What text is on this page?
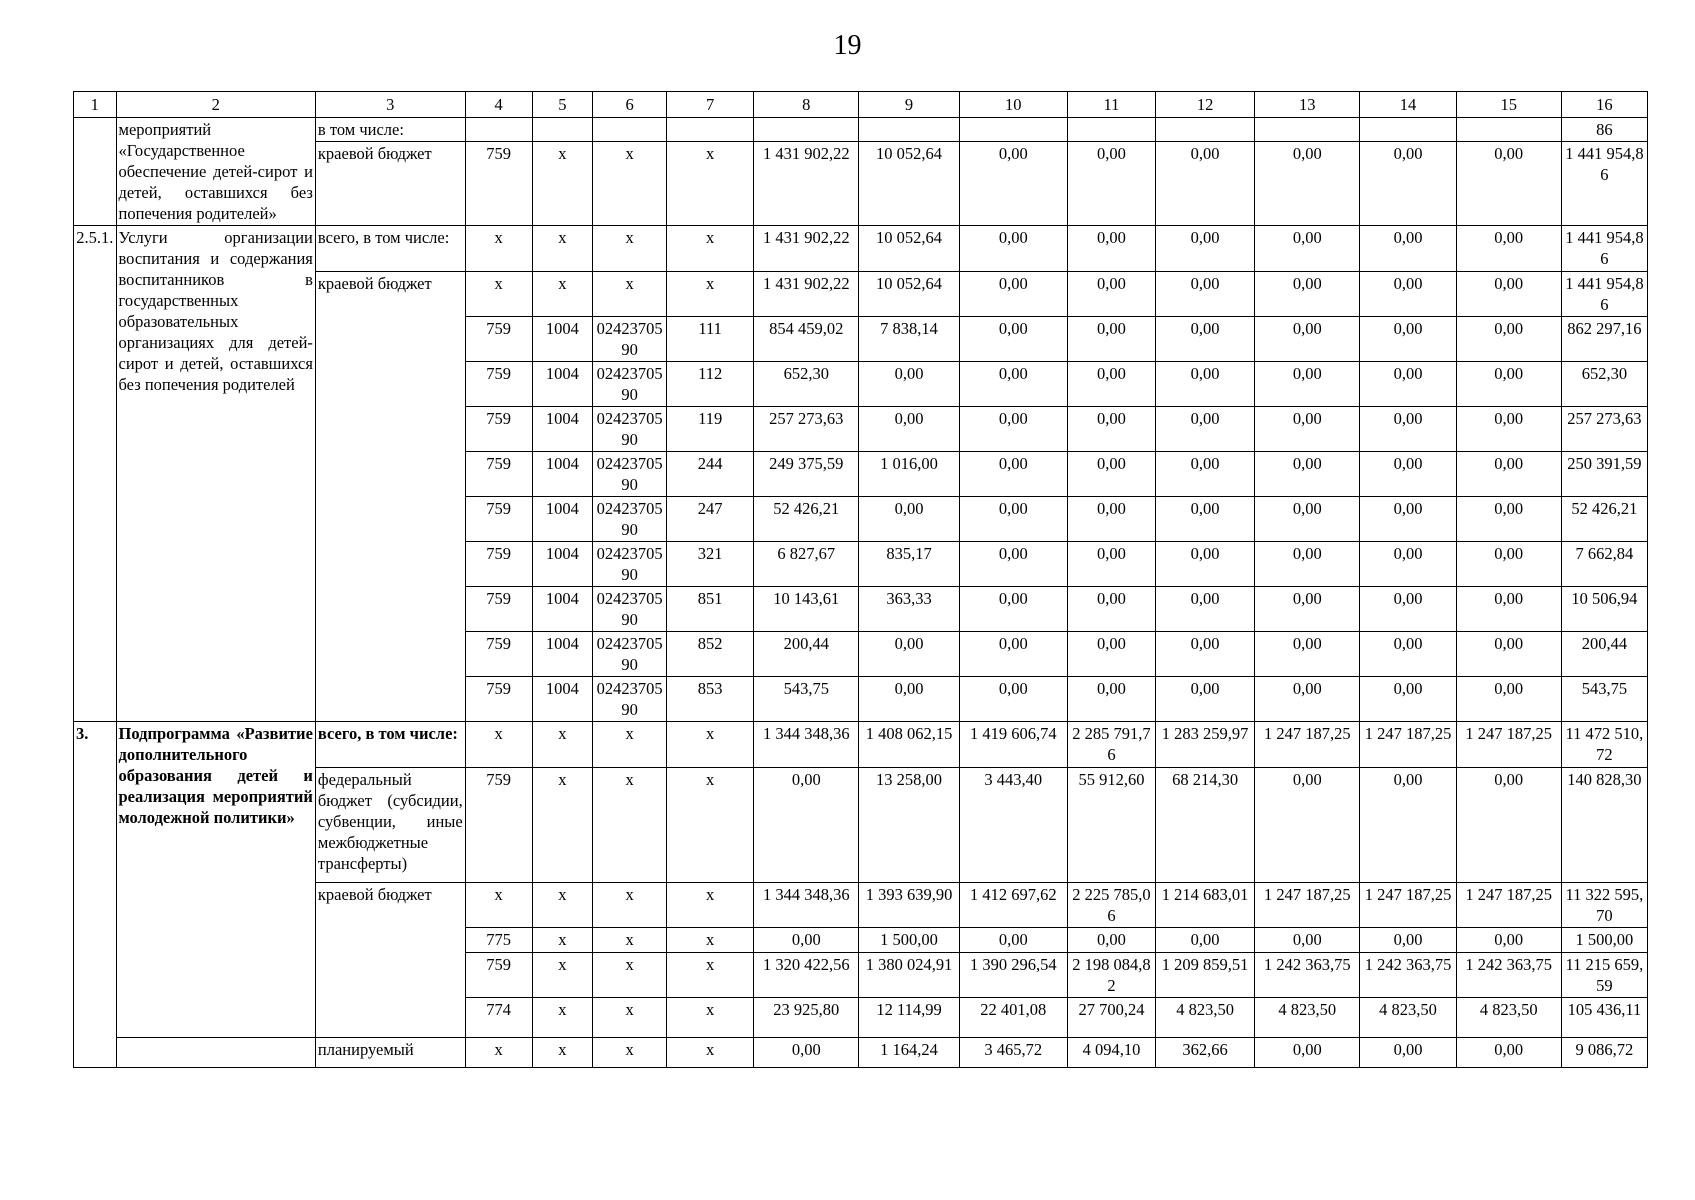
19
1	2	3	4	5	6	7	8	9	10	11	12	13	14	15	16
	мероприятий «Государственное обеспечение детей-сирот и детей, оставшихся без попечения родителей»	в том числе:													86
		краевой бюджет	759	х	х	х	1 431 902,22	10 052,64	0,00	0,00	0,00	0,00	0,00	0,00	1 441 954,86
2.5.1.	Услуги организации воспитания и содержания воспитанников в государственных образовательных организациях для детей-сирот и детей, оставшихся без попечения родителей	всего, в том числе:	х	х	х	х	1 431 902,22	10 052,64	0,00	0,00	0,00	0,00	0,00	0,00	1 441 954,86
		краевой бюджет	х	х	х	х	1 431 902,22	10 052,64	0,00	0,00	0,00	0,00	0,00	0,00	1 441 954,86
			759	1004	0242370590	111	854 459,02	7 838,14	0,00	0,00	0,00	0,00	0,00	0,00	862 297,16
			759	1004	0242370590	112	652,30	0,00	0,00	0,00	0,00	0,00	0,00	0,00	652,30
			759	1004	0242370590	119	257 273,63	0,00	0,00	0,00	0,00	0,00	0,00	0,00	257 273,63
			759	1004	0242370590	244	249 375,59	1 016,00	0,00	0,00	0,00	0,00	0,00	0,00	250 391,59
			759	1004	0242370590	247	52 426,21	0,00	0,00	0,00	0,00	0,00	0,00	0,00	52 426,21
			759	1004	0242370590	321	6 827,67	835,17	0,00	0,00	0,00	0,00	0,00	0,00	7 662,84
			759	1004	0242370590	851	10 143,61	363,33	0,00	0,00	0,00	0,00	0,00	0,00	10 506,94
			759	1004	0242370590	852	200,44	0,00	0,00	0,00	0,00	0,00	0,00	0,00	200,44
			759	1004	0242370590	853	543,75	0,00	0,00	0,00	0,00	0,00	0,00	0,00	543,75
3.	Подпрограмма «Развитие дополнительного образования детей и реализация мероприятий молодежной политики»	всего, в том числе:	х	х	х	х	1 344 348,36	1 408 062,15	1 419 606,74	2 285 791,76	1 283 259,97	1 247 187,25	1 247 187,25	1 247 187,25	11 472 510,72
		федеральный бюджет (субсидии, субвенции, иные межбюджетные трансферты)	759	х	х	х	0,00	13 258,00	3 443,40	55 912,60	68 214,30	0,00	0,00	0,00	140 828,30
		краевой бюджет	х	х	х	х	1 344 348,36	1 393 639,90	1 412 697,62	2 225 785,06	1 214 683,01	1 247 187,25	1 247 187,25	1 247 187,25	11 322 595,70
			775	х	х	х	0,00	1 500,00	0,00	0,00	0,00	0,00	0,00	0,00	1 500,00
			759	х	х	х	1 320 422,56	1 380 024,91	1 390 296,54	2 198 084,82	1 209 859,51	1 242 363,75	1 242 363,75	1 242 363,75	11 215 659,59
			774	х	х	х	23 925,80	12 114,99	22 401,08	27 700,24	4 823,50	4 823,50	4 823,50	4 823,50	105 436,11
		планируемый	х	х	х	х	0,00	1 164,24	3 465,72	4 094,10	362,66	0,00	0,00	0,00	9 086,72
